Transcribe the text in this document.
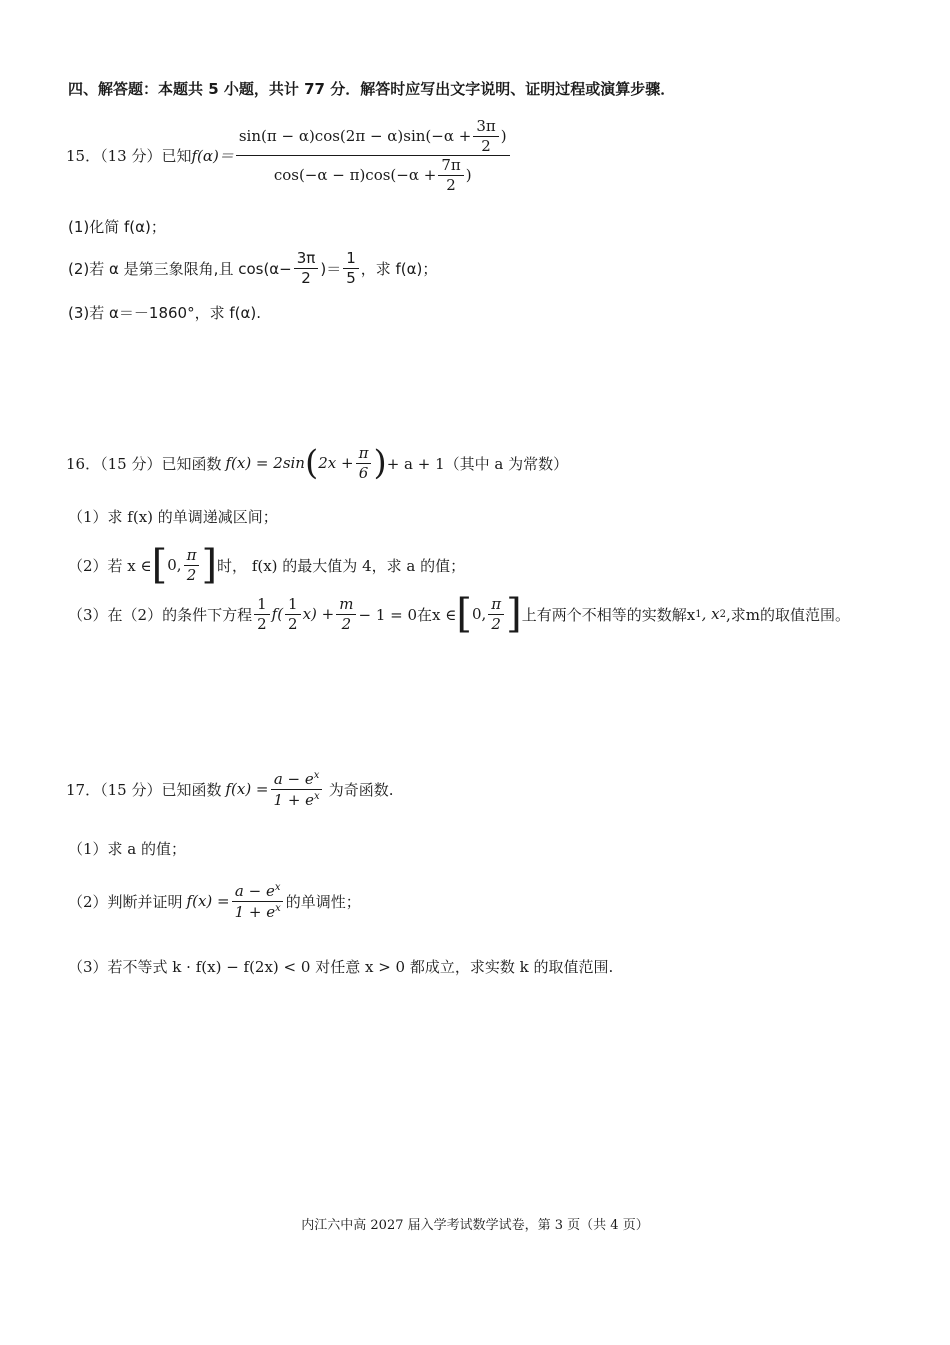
四、解答题：本题共 5 小题，共计 77 分．解答时应写出文字说明、证明过程或演算步骤．
15．（13 分）已知 $f(\alpha)= \frac{\sin(\pi - \alpha)\cos(2\pi - \alpha)\sin(-\alpha + \frac{3\pi}{2} )}{\cos(-\alpha - \pi)\cos(-\alpha + \frac{7\pi}{2} )}$
(1)化简 f(α)；
(2)若 α 是第三象限角,且 $\cos(\alpha- \frac{3\pi}{2}$ )＝ $\frac{1}{5}$ ，求 f(α)；
(3)若 α＝－1860°，求 f(α).
16．（15 分）已知函数 f(x) = 2sin ( $2x + \frac{\pi}{6}$ ) + a + 1（其中 a 为常数）
（1）求 f(x) 的单调递减区间；
（2）若 x ∈ [ 0, $\frac{\pi}{2}$ ] 时， f(x) 的最大值为 4，求 a 的值；
（3）在（2）的条件下方程 $\frac{1}{2} f( \frac{1}{2} x) + \frac{m}{2} - 1 = 0$在x ∈ [ 0, $\frac{\pi}{2}$ ] 上有两个不相等的实数解x 1 , x 2 ,求m的取值范围。
17．（15 分）已知函数 $f(x) = \frac{a - e^x}{1 + e^x}$ 为奇函数.
（1）求 a 的值；
（2）判断并证明 $f(x) = \frac{a - e^x}{1 + e^x}$ 的单调性；
（3）若不等式 k · f(x) − f(2x) < 0 对任意 x > 0 都成立，求实数 k 的取值范围.
内江六中高 2027 届入学考试数学试卷，第 3 页（共 4 页）
